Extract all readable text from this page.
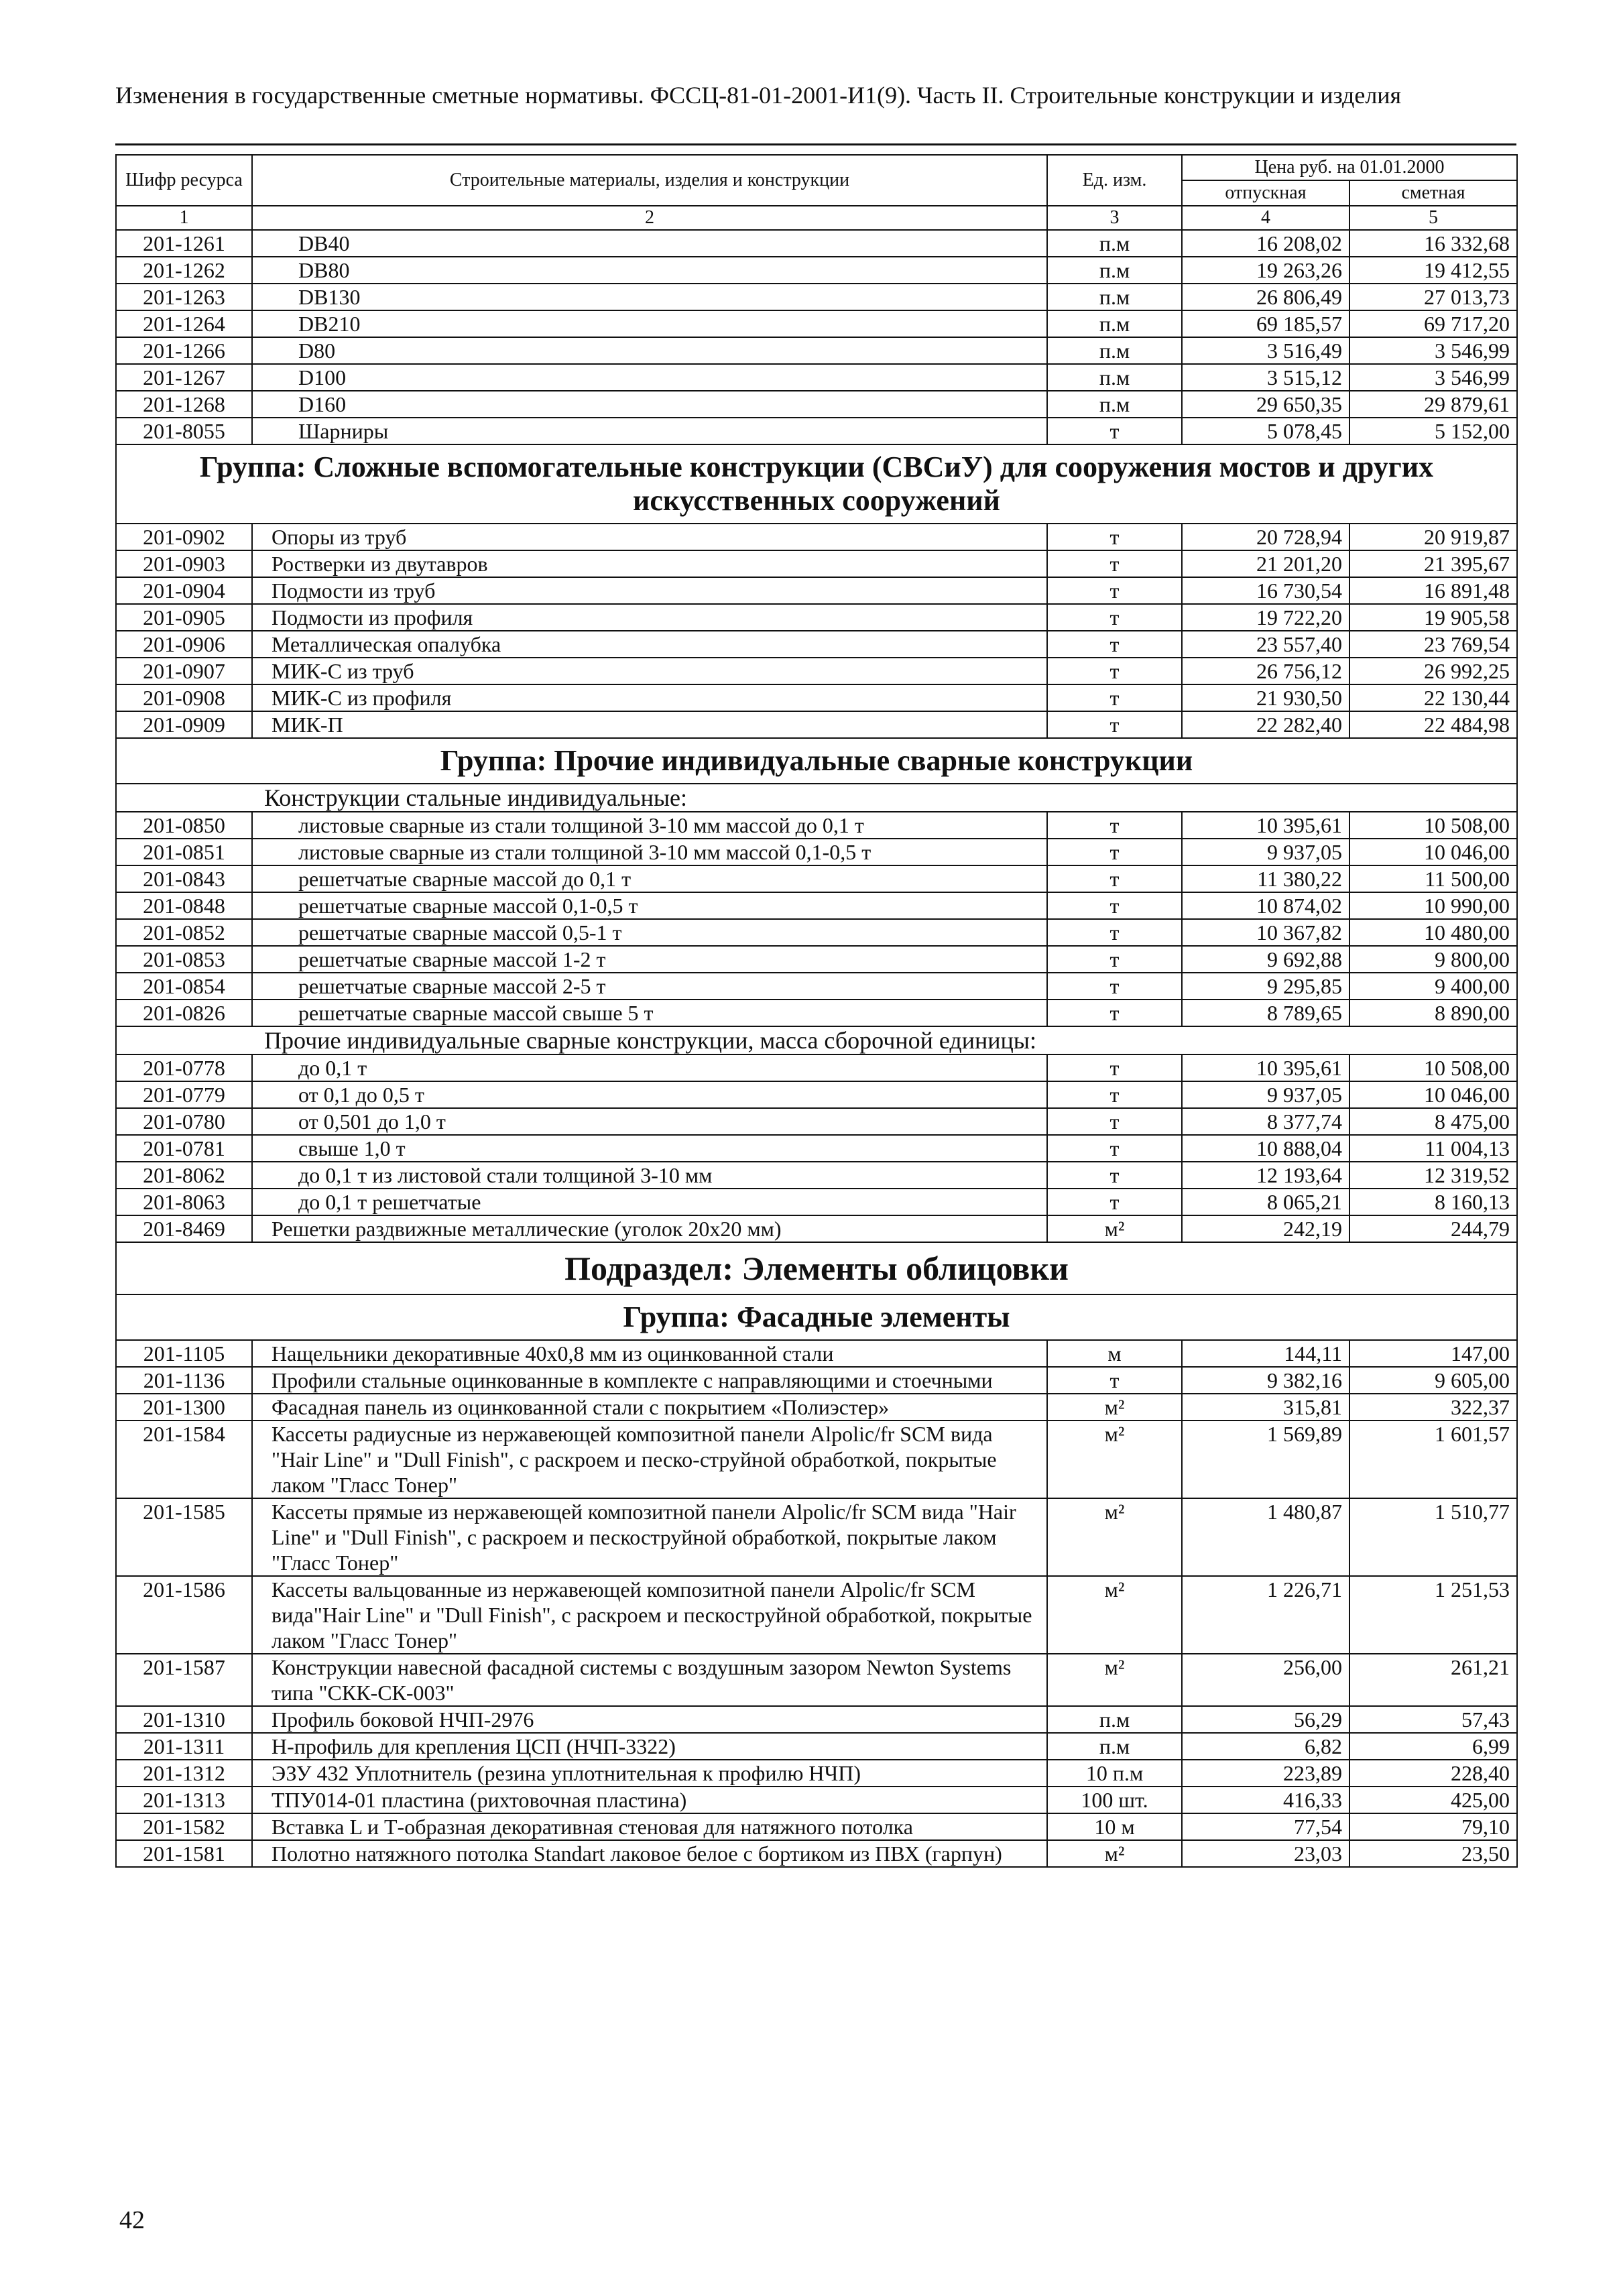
Изменения в государственные сметные нормативы. ФССЦ-81-01-2001-И1(9). Часть II. Строительные конструкции и изделия
Шифр ресурса	Строительные материалы, изделия и конструкции	Ед. изм.	Цена руб. на 01.01.2000	
			отпускная	сметная
1	2	3	4	5
201-1261	DB40	п.м	16 208,02	16 332,68
201-1262	DB80	п.м	19 263,26	19 412,55
201-1263	DB130	п.м	26 806,49	27 013,73
201-1264	DB210	п.м	69 185,57	69 717,20
201-1266	D80	п.м	3 516,49	3 546,99
201-1267	D100	п.м	3 515,12	3 546,99
201-1268	D160	п.м	29 650,35	29 879,61
201-8055	Шарниры	т	5 078,45	5 152,00
Группа: Сложные вспомогательные конструкции (СВСиУ) для сооружения мостов и других искусственных сооружений				
201-0902	Опоры из труб	т	20 728,94	20 919,87
201-0903	Ростверки из двутавров	т	21 201,20	21 395,67
201-0904	Подмости из труб	т	16 730,54	16 891,48
201-0905	Подмости из профиля	т	19 722,20	19 905,58
201-0906	Металлическая опалубка	т	23 557,40	23 769,54
201-0907	МИК-С из труб	т	26 756,12	26 992,25
201-0908	МИК-С из профиля	т	21 930,50	22 130,44
201-0909	МИК-П	т	22 282,40	22 484,98
Группа: Прочие индивидуальные сварные конструкции				
Конструкции стальные индивидуальные:				
201-0850	листовые сварные из стали толщиной 3-10 мм массой до 0,1 т	т	10 395,61	10 508,00
201-0851	листовые сварные из стали толщиной 3-10 мм массой 0,1-0,5 т	т	9 937,05	10 046,00
201-0843	решетчатые сварные массой до 0,1 т	т	11 380,22	11 500,00
201-0848	решетчатые сварные массой 0,1-0,5 т	т	10 874,02	10 990,00
201-0852	решетчатые сварные массой 0,5-1 т	т	10 367,82	10 480,00
201-0853	решетчатые сварные массой 1-2 т	т	9 692,88	9 800,00
201-0854	решетчатые сварные массой 2-5 т	т	9 295,85	9 400,00
201-0826	решетчатые сварные массой свыше 5 т	т	8 789,65	8 890,00
Прочие индивидуальные сварные конструкции, масса сборочной единицы:				
201-0778	до 0,1 т	т	10 395,61	10 508,00
201-0779	от 0,1 до 0,5 т	т	9 937,05	10 046,00
201-0780	от 0,501 до 1,0 т	т	8 377,74	8 475,00
201-0781	свыше 1,0 т	т	10 888,04	11 004,13
201-8062	до 0,1 т из листовой стали толщиной 3-10 мм	т	12 193,64	12 319,52
201-8063	до 0,1 т решетчатые	т	8 065,21	8 160,13
201-8469	Решетки раздвижные металлические (уголок 20х20 мм)	м²	242,19	244,79
Подраздел: Элементы облицовки				
Группа: Фасадные элементы				
201-1105	Нащельники декоративные 40х0,8 мм из оцинкованной стали	м	144,11	147,00
201-1136	Профили стальные оцинкованные в комплекте с направляющими и стоечными	т	9 382,16	9 605,00
201-1300	Фасадная панель из оцинкованной стали с покрытием «Полиэстер»	м²	315,81	322,37
201-1584	Кассеты радиусные из нержавеющей композитной панели Alpolic/fr SCM вида "Hair Line" и "Dull Finish", с раскроем и песко-струйной обработкой, покрытые лаком "Гласс Тонер"	м²	1 569,89	1 601,57
201-1585	Кассеты прямые из нержавеющей композитной панели Alpolic/fr SCM вида "Hair Line" и "Dull Finish", с раскроем и пескоструйной обработкой, покрытые лаком "Гласс Тонер"	м²	1 480,87	1 510,77
201-1586	Кассеты вальцованные из нержавеющей композитной панели Alpolic/fr SCM вида"Hair Line" и "Dull Finish", с раскроем и пескоструйной обработкой, покрытые лаком "Гласс Тонер"	м²	1 226,71	1 251,53
201-1587	Конструкции навесной фасадной системы с воздушным зазором Newton Systems типа "СКК-СК-003"	м²	256,00	261,21
201-1310	Профиль боковой НЧП-2976	п.м	56,29	57,43
201-1311	Н-профиль для крепления ЦСП (НЧП-3322)	п.м	6,82	6,99
201-1312	ЭЗУ 432 Уплотнитель (резина уплотнительная к профилю НЧП)	10 п.м	223,89	228,40
201-1313	ТПУ014-01 пластина (рихтовочная пластина)	100 шт.	416,33	425,00
201-1582	Вставка L и Т-образная декоративная стеновая для натяжного потолка	10 м	77,54	79,10
201-1581	Полотно натяжного потолка Standart лаковое белое с бортиком из ПВХ (гарпун)	м²	23,03	23,50
42
